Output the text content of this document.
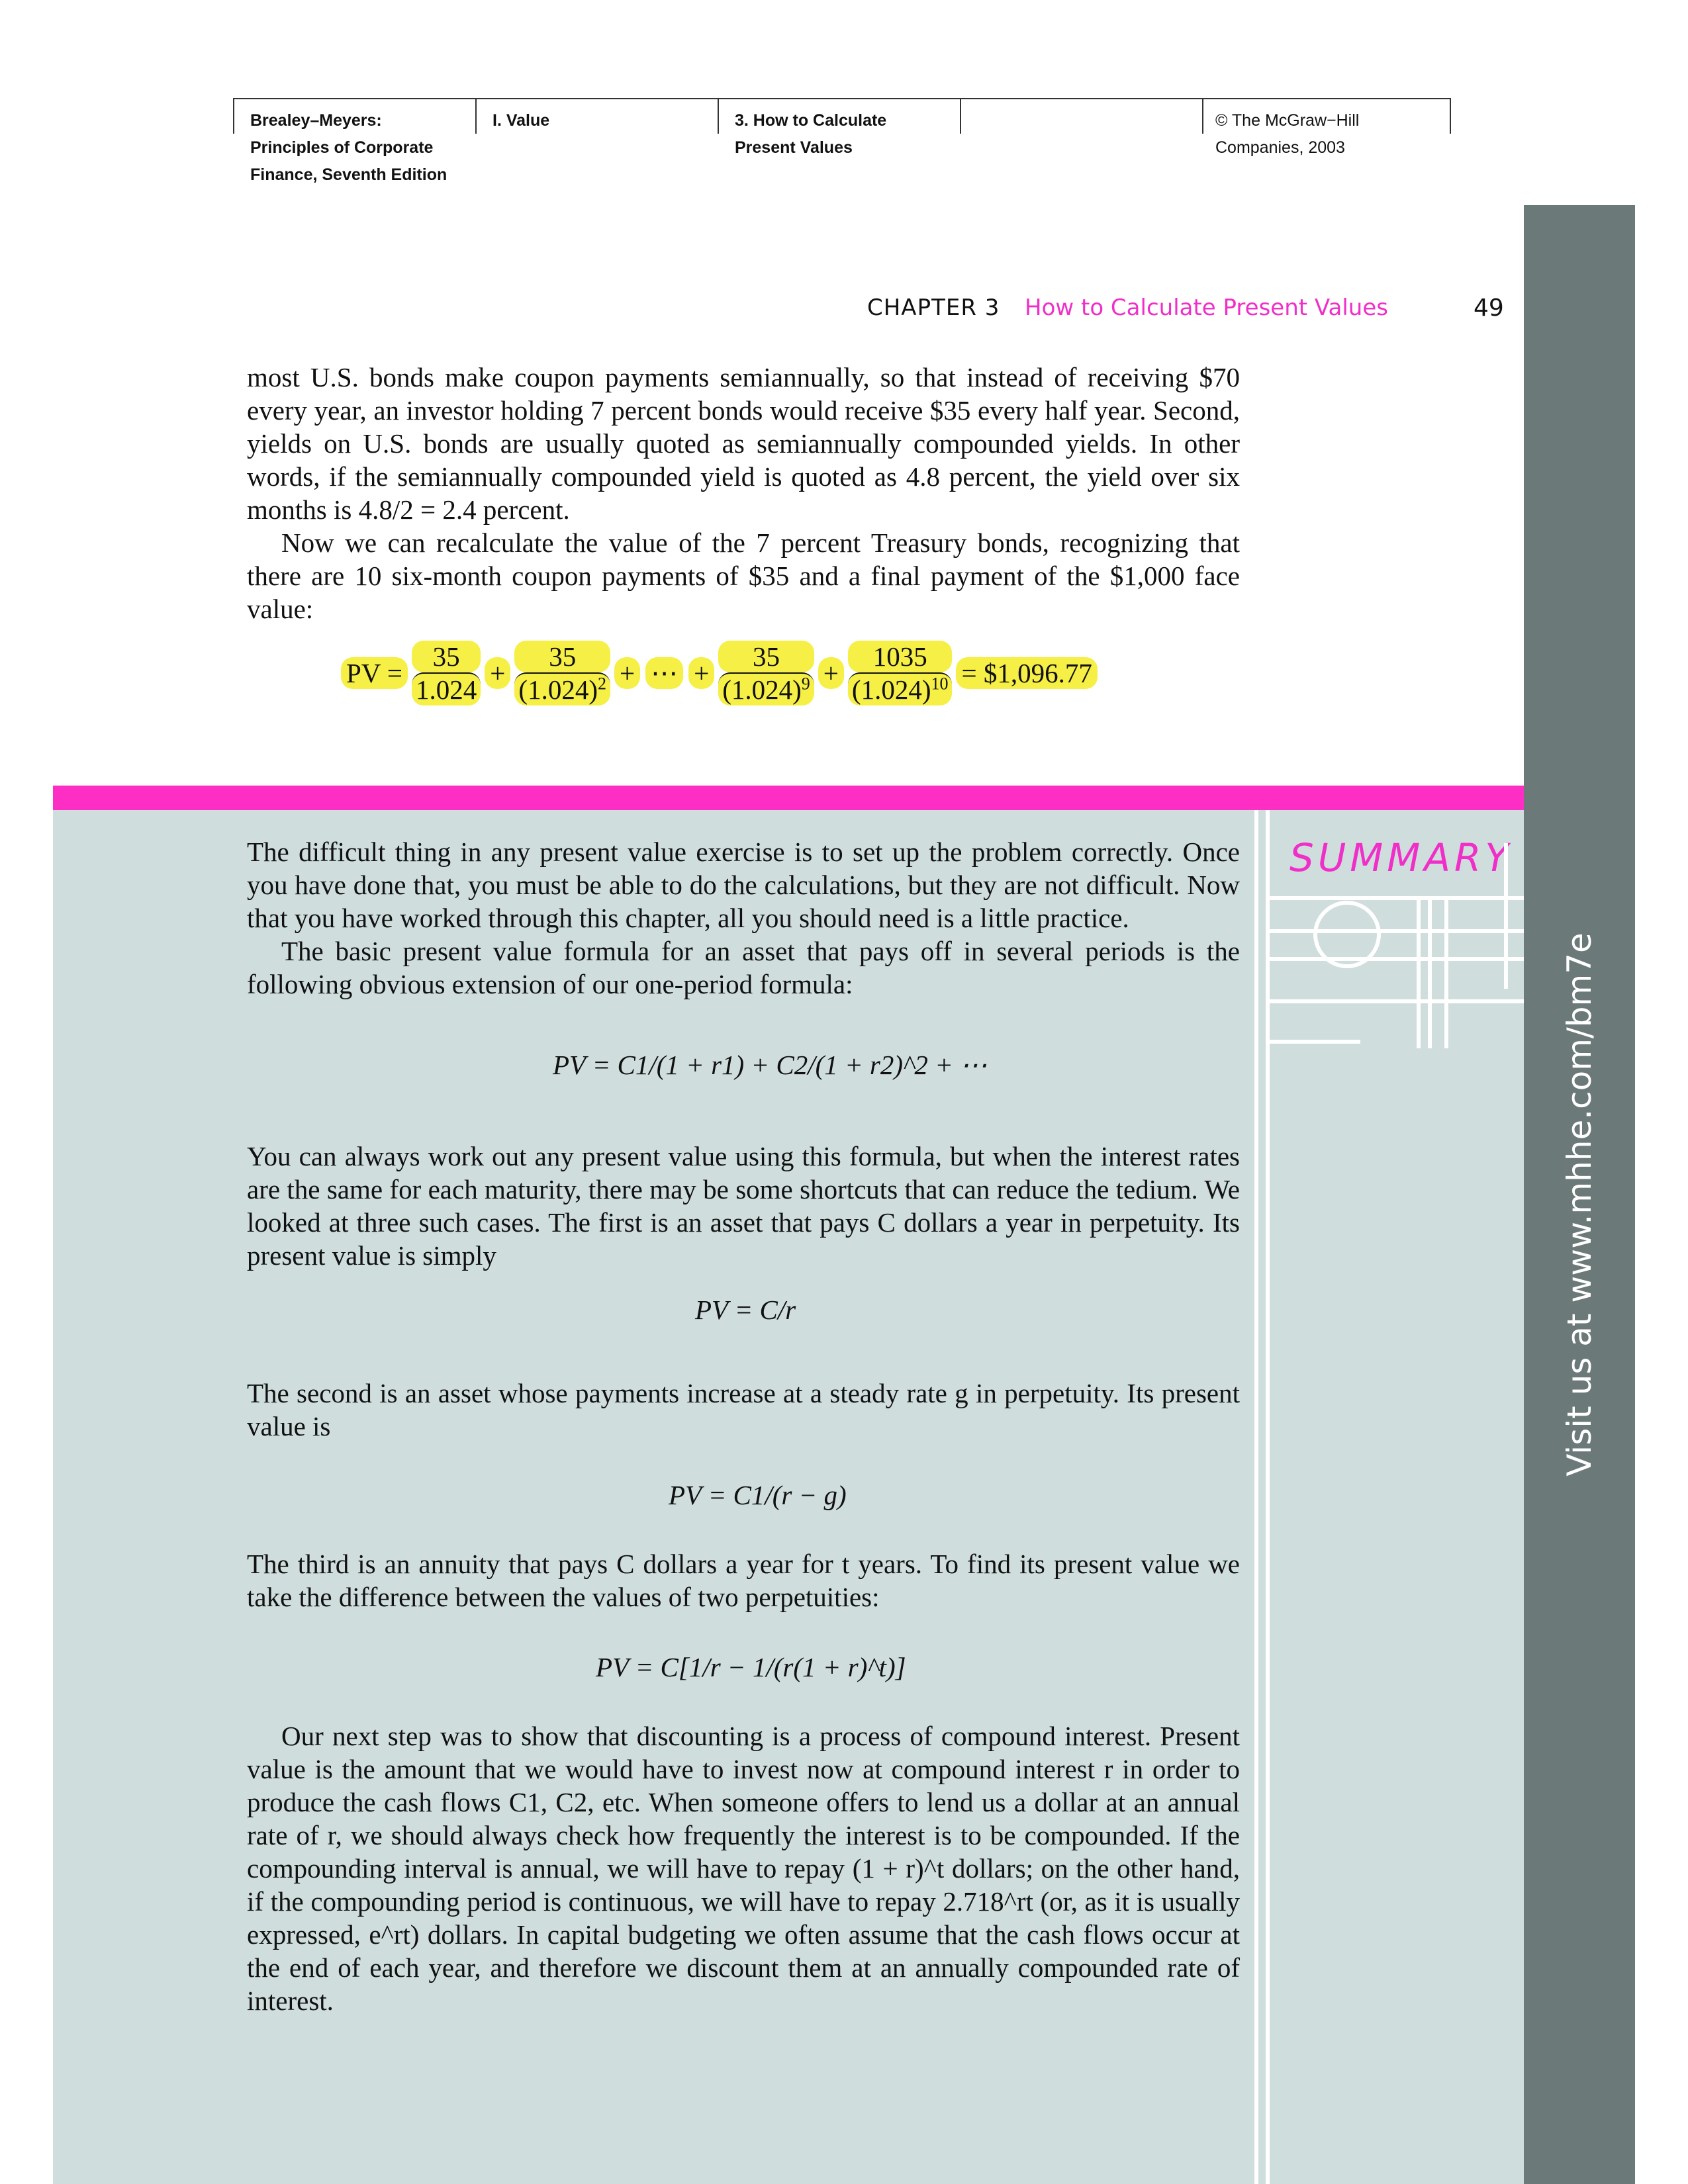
Brealey–Meyers:
Principles of Corporate
Finance, Seventh Edition
I. Value	3. How to Calculate
Present Values
© The McGraw−Hill
Companies, 2003
CHAPTER 3 How to Calculate Present Values	49

most U.S. bonds make coupon payments semiannually, so that instead of receiving $70 every year, an investor holding 7 percent bonds would receive $35 every half year. Second, yields on U.S. bonds are usually quoted as semiannually compounded yields. In other words, if the semiannually compounded yield is quoted as 4.8 percent, the yield over six months is 4.8/2 = 2.4 percent.

Now we can recalculate the value of the 7 percent Treasury bonds, recognizing that there are 10 six-month coupon payments of $35 and a final payment of the $1,000 face value:

PV = $\frac{35}{1.024} + \frac{35}{(1.024)^2}$ + ⋯ + $\frac{35}{(1.024)^9} + \frac{1035}{(1.024)^{10}}$ = $1,096.77
Visit us at www.mhhe.com/bm7e
SUMMARY

The difficult thing in any present value exercise is to set up the problem correctly. Once you have done that, you must be able to do the calculations, but they are not difficult. Now that you have worked through this chapter, all you should need is a little practice.

The basic present value formula for an asset that pays off in several periods is the following obvious extension of our one-period formula:

PV = C1/(1 + r1) + C2/(1 + r2)^2 + ⋯

You can always work out any present value using this formula, but when the interest rates are the same for each maturity, there may be some shortcuts that can reduce the tedium. We looked at three such cases. The first is an asset that pays C dollars a year in perpetuity. Its present value is simply

PV = C/r

The second is an asset whose payments increase at a steady rate g in perpetuity. Its present value is

PV = C1/(r − g)

The third is an annuity that pays C dollars a year for t years. To find its present value we take the difference between the values of two perpetuities:

PV = C[1/r − 1/(r(1 + r)^t)]

Our next step was to show that discounting is a process of compound interest. Present value is the amount that we would have to invest now at compound interest r in order to produce the cash flows C1, C2, etc. When someone offers to lend us a dollar at an annual rate of r, we should always check how frequently the interest is to be compounded. If the compounding interval is annual, we will have to repay (1 + r)^t dollars; on the other hand, if the compounding period is continuous, we will have to repay 2.718^rt (or, as it is usually expressed, e^rt) dollars. In capital budgeting we often assume that the cash flows occur at the end of each year, and therefore we discount them at an annually compounded rate of interest.
